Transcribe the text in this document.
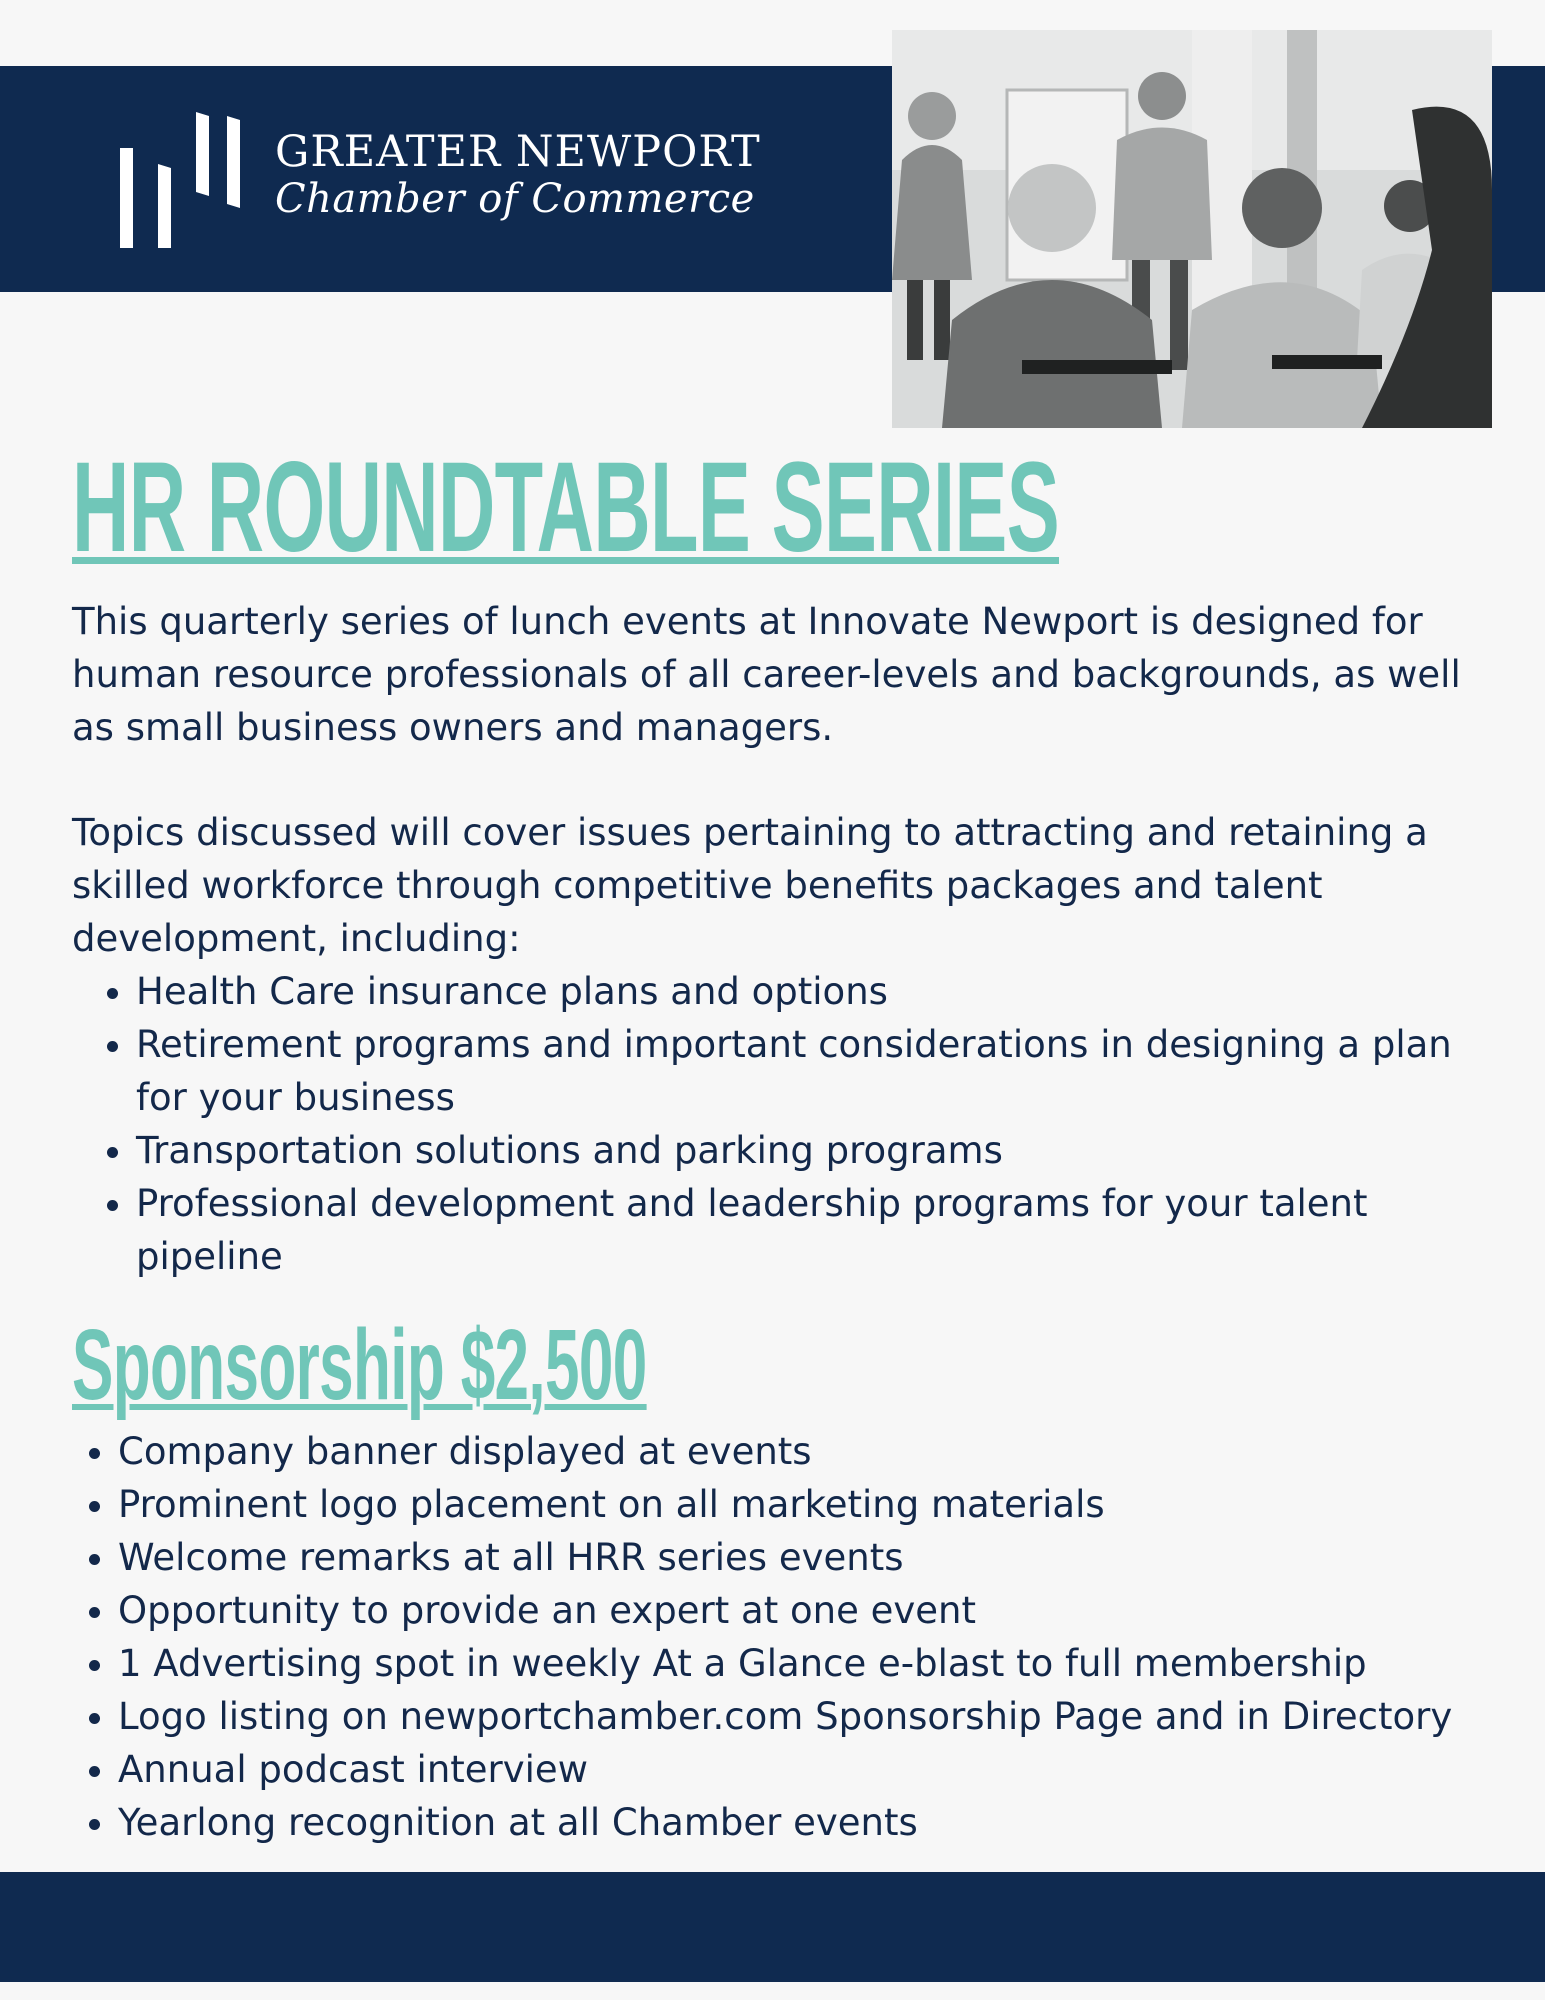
GREATER NEWPORT
Chamber of Commerce
HR ROUNDTABLE SERIES

This quarterly series of lunch events at Innovate Newport is designed for human resource professionals of all career-levels and backgrounds, as well as small business owners and managers.

Topics discussed will cover issues pertaining to attracting and retaining a skilled workforce through competitive benefits packages and talent development, including:

• Health Care insurance plans and options
• Retirement programs and important considerations in designing a plan for your business
• Transportation solutions and parking programs
• Professional development and leadership programs for your talent pipeline
Sponsorship $2,500
• Company banner displayed at events
• Prominent logo placement on all marketing materials
• Welcome remarks at all HRR series events
• Opportunity to provide an expert at one event
• 1 Advertising spot in weekly At a Glance e-blast to full membership
• Logo listing on newportchamber.com Sponsorship Page and in Directory
• Annual podcast interview
• Yearlong recognition at all Chamber events
